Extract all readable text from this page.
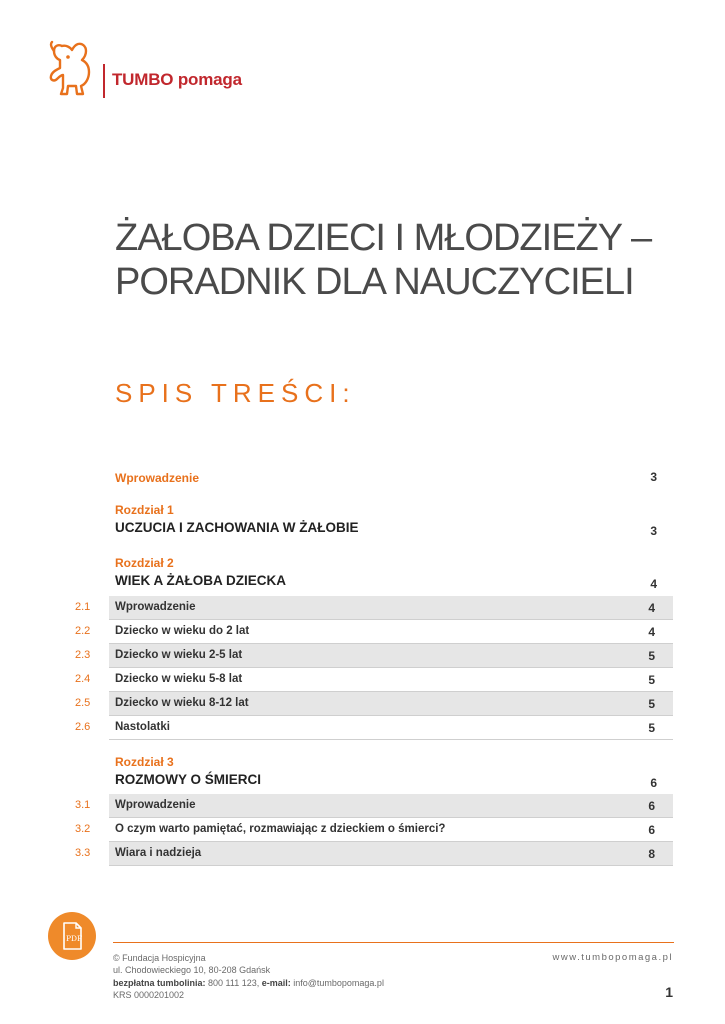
TUMBO pomaga
ŻAŁOBA DZIECI I MŁODZIEŻY –
PORADNIK DLA NAUCZYCIELI
SPIS TREŚCI:
Wprowadzenie	3
Rozdział 1
UCZUCIA I ZACHOWANIA W ŻAŁOBIE	3
Rozdział 2
WIEK A ŻAŁOBA DZIECKA	4
2.1 Wprowadzenie	4
2.2 Dziecko w wieku do 2 lat	4
2.3 Dziecko w wieku 2-5 lat	5
2.4 Dziecko w wieku 5-8 lat	5
2.5 Dziecko w wieku 8-12 lat	5
2.6 Nastolatki	5
Rozdział 3
ROZMOWY O ŚMIERCI	6
3.1 Wprowadzenie	6
3.2 O czym warto pamiętać, rozmawiając z dzieckiem o śmierci?	6
3.3 Wiara i nadzieja	8
PDF
© Fundacja Hospicyjna
ul. Chodowieckiego 10, 80-208 Gdańsk
bezpłatna tumbolinia: 800 111 123, e-mail: info@tumbopomaga.pl
KRS 0000201002
www.tumbopomaga.pl
1
